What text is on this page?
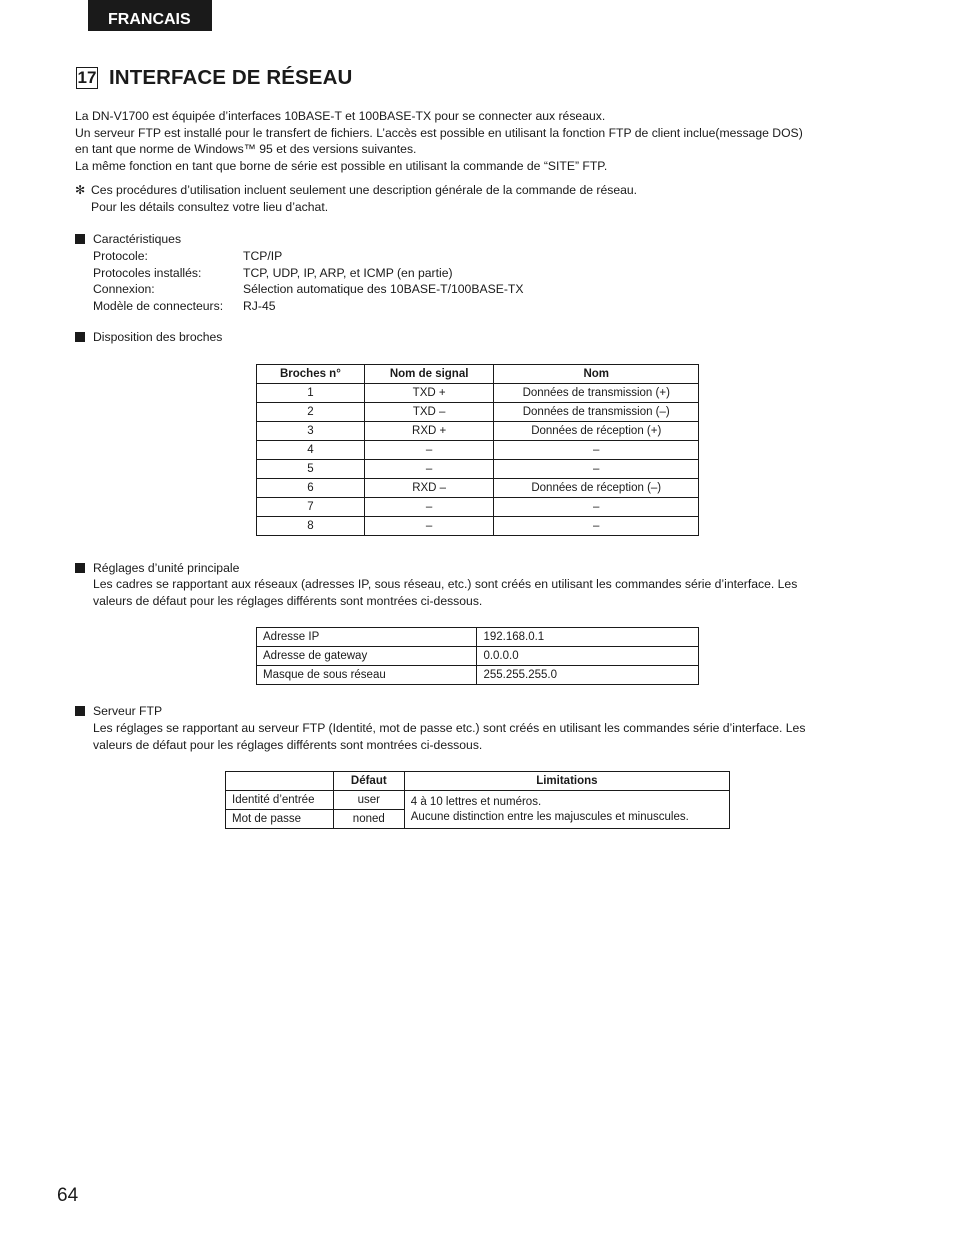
FRANCAIS
17 INTERFACE DE RÉSEAU

La DN-V1700 est équipée d’interfaces 10BASE-T et 100BASE-TX pour se connecter aux réseaux.

Un serveur FTP est installé pour le transfert de fichiers. L’accès est possible en utilisant la fonction FTP de client inclue(message DOS)

en tant que norme de Windows™ 95 et des versions suivantes.

La même fonction en tant que borne de série est possible en utilisant la commande de “SITE” FTP.

✻ Ces procédures d’utilisation incluent seulement une description générale de la commande de réseau.

Pour les détails consultez votre lieu d’achat.

Caractéristiques
Protocole:	TCP/IP
Protocoles installés:	TCP, UDP, IP, ARP, et ICMP (en partie)
Connexion:	Sélection automatique des 10BASE-T/100BASE-TX
Modèle de connecteurs:	RJ-45
Disposition des broches
Broches n°	Nom de signal	Nom
1	TXD +	Données de transmission (+)
2	TXD –	Données de transmission (–)
3	RXD +	Données de réception (+)
4	–	–
5	–	–
6	RXD –	Données de réception (–)
7	–	–
8	–	–
Réglages d’unité principale

Les cadres se rapportant aux réseaux (adresses IP, sous réseau, etc.) sont créés en utilisant les commandes série d’interface. Les

valeurs de défaut pour les réglages différents sont montrées ci-dessous.

Adresse IP	192.168.0.1
Adresse de gateway	0.0.0.0
Masque de sous réseau	255.255.255.0
Serveur FTP

Les réglages se rapportant au serveur FTP (Identité, mot de passe etc.) sont créés en utilisant les commandes série d’interface. Les

valeurs de défaut pour les réglages différents sont montrées ci-dessous.

	Défaut	Limitations
Identité d’entrée	user	4 à 10 lettres et numéros.
Aucune distinction entre les majuscules et minuscules.

Mot de passe	noned	
64
